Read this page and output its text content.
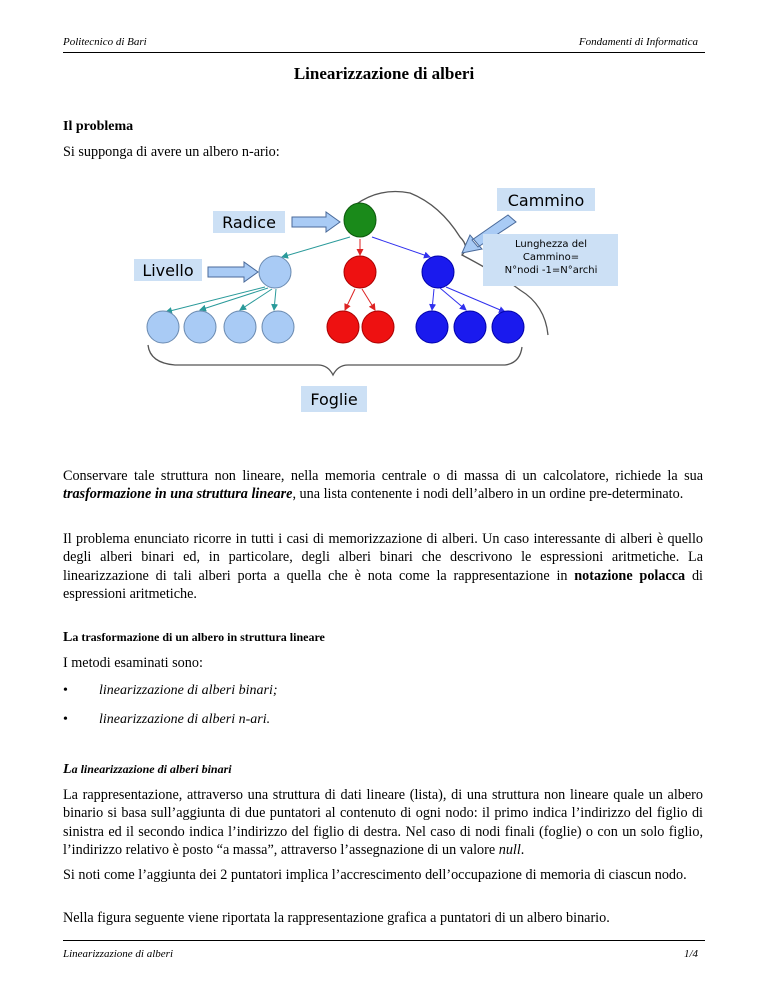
Politecnico di Bari	Fondamenti di Informatica
Linearizzazione di alberi
Il problema
Si supponga di avere un albero n-ario:
Radice
Livello
Cammino
Lunghezza del
Cammino=
N°nodi -1=N°archi
Foglie

Conservare tale struttura non lineare, nella memoria centrale o di massa di un calcolatore, richiede la sua trasformazione in una struttura lineare, una lista contenente i nodi dell’albero in un ordine pre-determinato.

Il problema enunciato ricorre in tutti i casi di memorizzazione di alberi. Un caso interessante di alberi è quello degli alberi binari ed, in particolare, degli alberi binari che descrivono le espressioni aritmetiche. La linearizzazione di tali alberi porta a quella che è nota come la rappresentazione in notazione polacca di espressioni aritmetiche.

La trasformazione di un albero in struttura lineare
I metodi esaminati sono:
• linearizzazione di alberi binari;
• linearizzazione di alberi n-ari.
La linearizzazione di alberi binari

La rappresentazione, attraverso una struttura di dati lineare (lista), di una struttura non lineare quale un albero binario si basa sull’aggiunta di due puntatori al contenuto di ogni nodo: il primo indica l’indirizzo del figlio di sinistra ed il secondo indica l’indirizzo del figlio di destra. Nel caso di nodi finali (foglie) o con un solo figlio, l’indirizzo relativo è posto “a massa”, attraverso l’assegnazione di un valore null.

Si noti come l’aggiunta dei 2 puntatori implica l’accrescimento dell’occupazione di memoria di ciascun nodo.

Nella figura seguente viene riportata la rappresentazione grafica a puntatori di un albero binario.

Linearizzazione di alberi	1/4
